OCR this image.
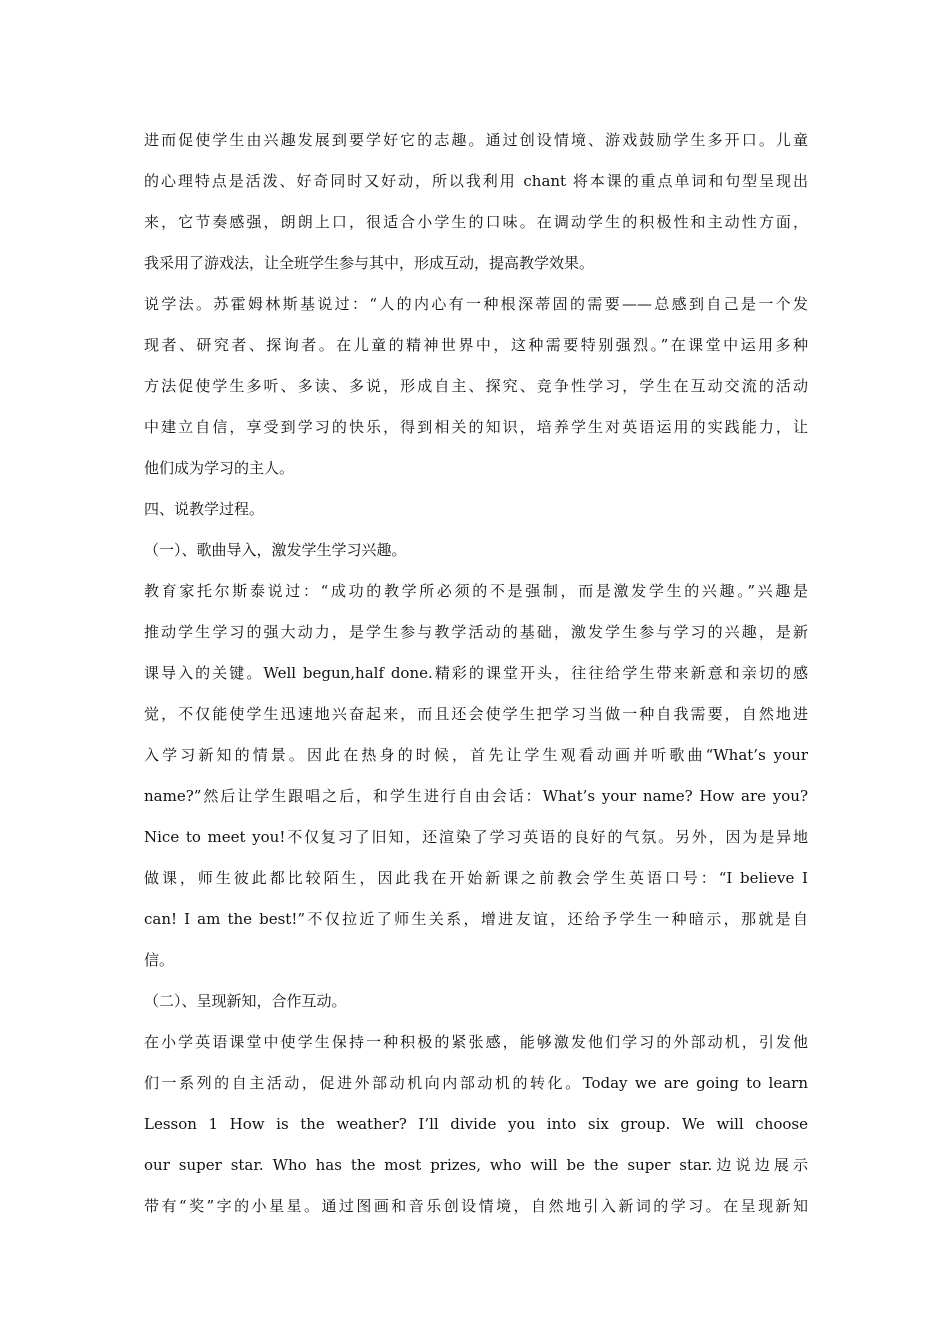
进而促使学生由兴趣发展到要学好它的志趣。通过创设情境、游戏鼓励学生多开口。儿童
的心理特点是活泼、好奇同时又好动，所以我利用 chant 将本课的重点单词和句型呈现出
来，它节奏感强，朗朗上口，很适合小学生的口味。在调动学生的积极性和主动性方面，
我采用了游戏法，让全班学生参与其中，形成互动，提高教学效果。
说学法。苏霍姆林斯基说过：“人的内心有一种根深蒂固的需要——总感到自己是一个发
现者、研究者、探询者。在儿童的精神世界中，这种需要特别强烈。”在课堂中运用多种
方法促使学生多听、多读、多说，形成自主、探究、竞争性学习，学生在互动交流的活动
中建立自信，享受到学习的快乐，得到相关的知识，培养学生对英语运用的实践能力，让
他们成为学习的主人。
四、说教学过程。
（一）、歌曲导入，激发学生学习兴趣。
教育家托尔斯泰说过：“成功的教学所必须的不是强制，而是激发学生的兴趣。”兴趣是
推动学生学习的强大动力，是学生参与教学活动的基础，激发学生参与学习的兴趣，是新
课导入的关键。Well begun,half done.精彩的课堂开头，往往给学生带来新意和亲切的感
觉，不仅能使学生迅速地兴奋起来，而且还会使学生把学习当做一种自我需要，自然地进
入学习新知的情景。因此在热身的时候，首先让学生观看动画并听歌曲“What’s your
name?”然后让学生跟唱之后，和学生进行自由会话：What’s your name? How are you?
Nice to meet you!不仅复习了旧知，还渲染了学习英语的良好的气氛。另外，因为是异地
做课，师生彼此都比较陌生，因此我在开始新课之前教会学生英语口号：“I believe I
can! I am the best!”不仅拉近了师生关系，增进友谊，还给予学生一种暗示，那就是自
信。
（二）、呈现新知，合作互动。
在小学英语课堂中使学生保持一种积极的紧张感，能够激发他们学习的外部动机，引发他
们一系列的自主活动，促进外部动机向内部动机的转化。Today we are going to learn
Lesson 1 How is the weather? I’ll divide you into six group. We will choose
our super star. Who has the most prizes, who will be the super star.边说边展示
带有“奖”字的小星星。通过图画和音乐创设情境，自然地引入新词的学习。在呈现新知
